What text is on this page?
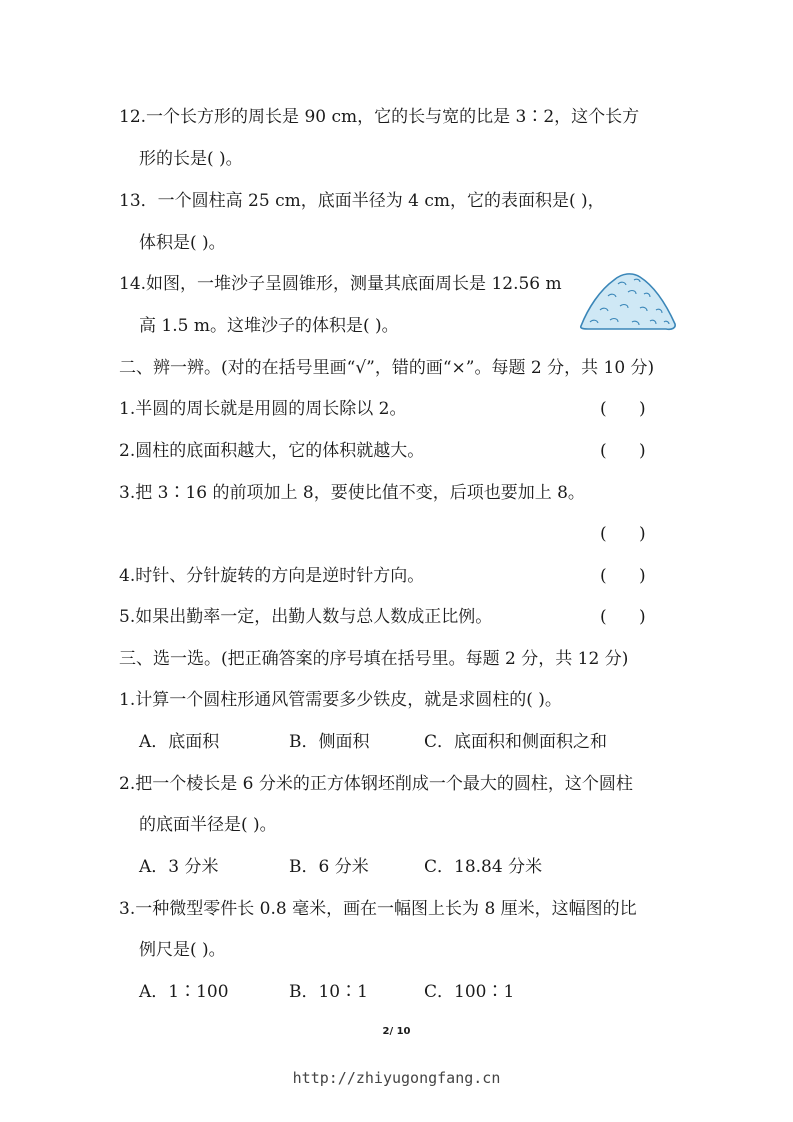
12.一个长方形的周长是 90 cm，它的长与宽的比是 3∶2，这个长方
形的长是( )。
13．一个圆柱高 25 cm，底面半径为 4 cm，它的表面积是( )，
体积是( )。
14.如图，一堆沙子呈圆锥形，测量其底面周长是 12.56 m
高 1.5 m。这堆沙子的体积是( )。
二、辨一辨。(对的在括号里画“√”，错的画“×”。每题 2 分，共 10 分)
1.半圆的周长就是用圆的周长除以 2。	(      )
2.圆柱的底面积越大，它的体积就越大。	(      )
3.把 3∶16 的前项加上 8，要使比值不变，后项也要加上 8。
(      )
4.时针、分针旋转的方向是逆时针方向。	(      )
5.如果出勤率一定，出勤人数与总人数成正比例。	(      )
三、选一选。(把正确答案的序号填在括号里。每题 2 分，共 12 分)
1.计算一个圆柱形通风管需要多少铁皮，就是求圆柱的( )。
A．底面积	B．侧面积	C．底面积和侧面积之和
2.把一个棱长是 6 分米的正方体钢坯削成一个最大的圆柱，这个圆柱
的底面半径是( )。
A．3 分米	B．6 分米	C．18.84 分米
3.一种微型零件长 0.8 毫米，画在一幅图上长为 8 厘米，这幅图的比
例尺是( )。
A．1∶100	B．10∶1	C．100∶1
2/ 10
http://zhiyugongfang.cn
